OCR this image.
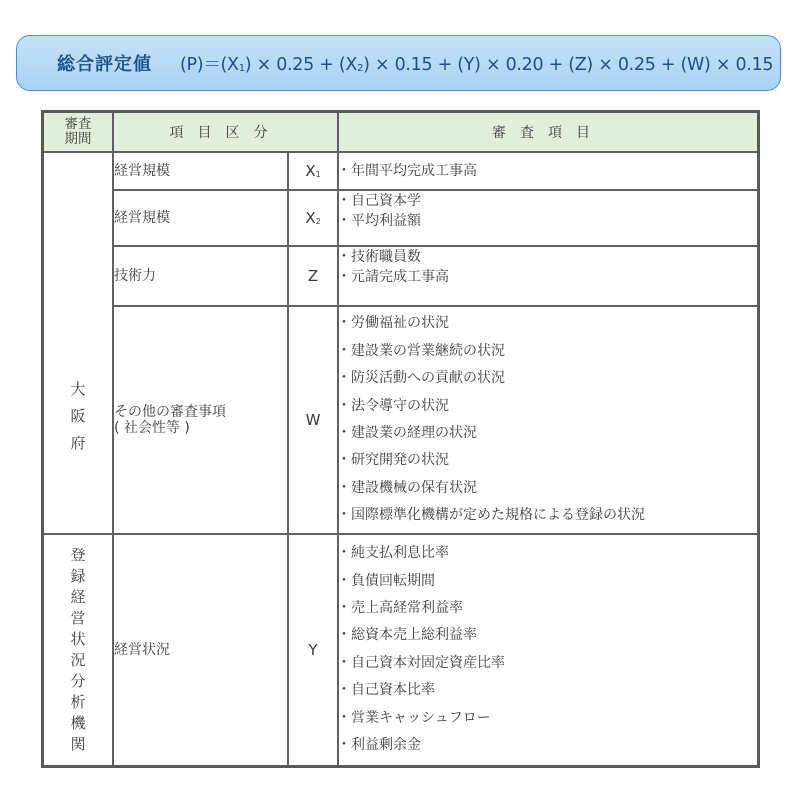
総合評定値 $(P)=(X_1) \times 0.25 + (X_2) \times 0.15 + (Y) \times 0.20 + (Z) \times 0.25 + (W) \times 0.15$
審査
期間	項目区分		審査項目
大阪府	経営規模	$X_1$	
・年間平均完成工事高

経営規模	$X_2$	
・ 自己資本学
・ 平均利益額

技術力	Z	
・ 技術職員数
・ 元請完成工事高

その他の審査事項
( 社会性等 )	W	
・ 労働福祉の状況
・ 建設業の営業継続の状況
・ 防災活動への貢献の状況
・ 法令導守の状況
・ 建設業の経理の状況
・ 研究開発の状況
・ 建設機械の保有状況
・ 国際標準化機構が定めた規格による登録の状況

登録経営状況分析機関	経営状況	Y	
・ 純支払利息比率
・ 負債回転期間
・ 売上高経常利益率
・ 総資本売上総利益率
・ 自己資本対固定資産比率
・ 自己資本比率
・ 営業キャッシュフロー
・ 利益剰余金
